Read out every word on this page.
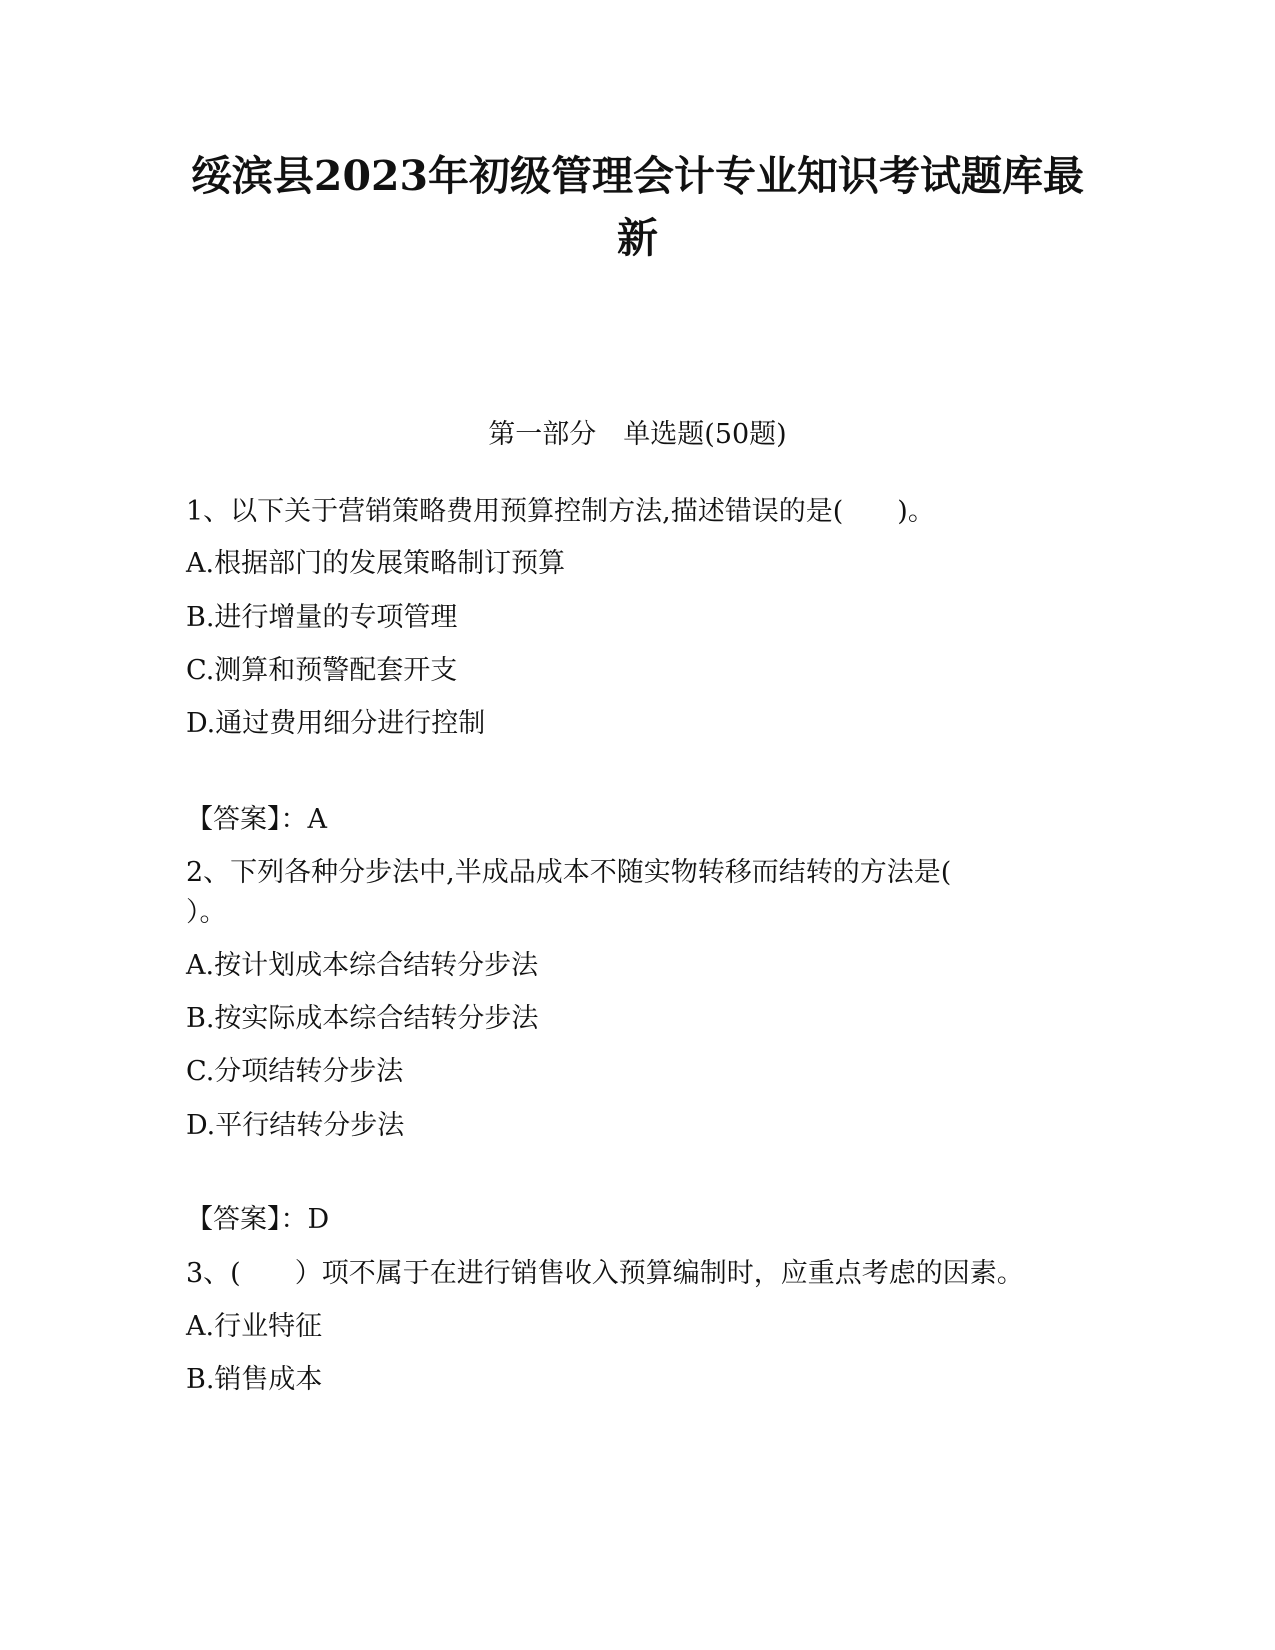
绥滨县2023年初级管理会计专业知识考试题库最
新
第一部分　单选题(50题)
1、以下关于营销策略费用预算控制方法,描述错误的是(　　)。
A.根据部门的发展策略制订预算
B.进行增量的专项管理
C.测算和预警配套开支
D.通过费用细分进行控制
【答案】：A
2、下列各种分步法中,半成品成本不随实物转移而结转的方法是(
）。
A.按计划成本综合结转分步法
B.按实际成本综合结转分步法
C.分项结转分步法
D.平行结转分步法
【答案】：D
3、(　　）项不属于在进行销售收入预算编制时，应重点考虑的因素。
A.行业特征
B.销售成本
